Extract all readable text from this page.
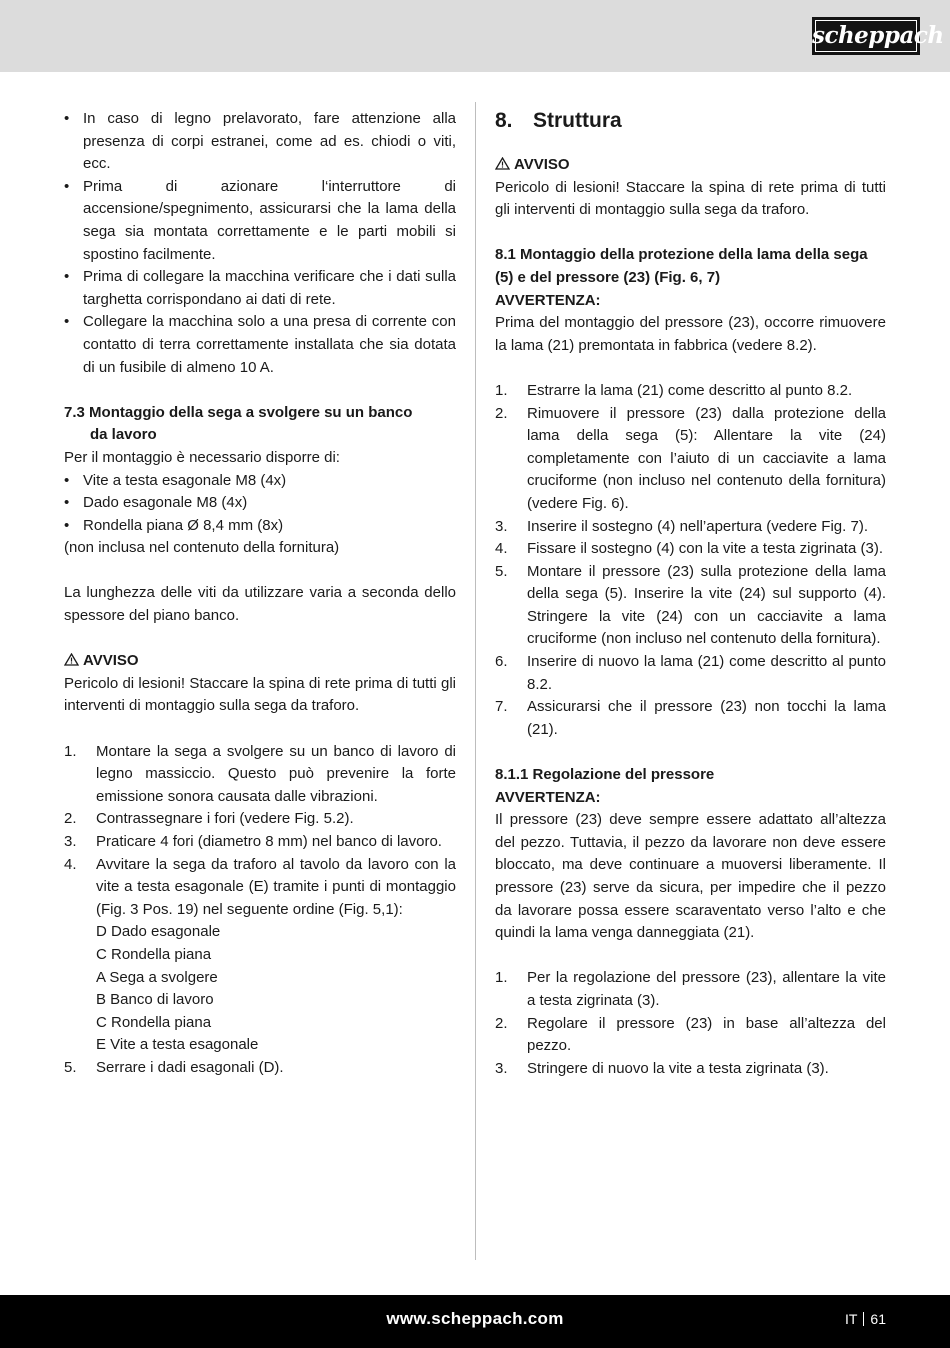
scheppach
• In caso di legno prelavorato, fare attenzione alla presenza di corpi estranei, come ad es. chiodi o viti, ecc.
• Prima di azionare l‘interruttore di accensione/spegnimento, assicurarsi che la lama della sega sia montata correttamente e le parti mobili si spostino facilmente.
• Prima di collegare la macchina verificare che i dati sulla targhetta corrispondano ai dati di rete.
• Collegare la macchina solo a una presa di corrente con contatto di terra correttamente installata che sia dotata di un fusibile di almeno 10 A.
7.3 Montaggio della sega a svolgere su un banco
da lavoro
Per il montaggio è necessario disporre di:
• Vite a testa esagonale M8 (4x)
• Dado esagonale M8 (4x)
• Rondella piana Ø 8,4 mm (8x)
(non inclusa nel contenuto della fornitura)
La lunghezza delle viti da utilizzare varia a seconda dello spessore del piano banco.
AVVISO
Pericolo di lesioni! Staccare la spina di rete prima di tutti gli interventi di montaggio sulla sega da traforo.
1. Montare la sega a svolgere su un banco di lavoro di legno massiccio. Questo può prevenire la forte emissione sonora causata dalle vibrazioni.
2. Contrassegnare i fori (vedere Fig. 5.2).
3. Praticare 4 fori (diametro 8 mm) nel banco di lavoro.
4. Avvitare la sega da traforo al tavolo da lavoro con la vite a testa esagonale (E) tramite i punti di montaggio (Fig. 3 Pos. 19) nel seguente ordine (Fig. 5,1):
D Dado esagonale
C Rondella piana
A Sega a svolgere
B Banco di lavoro
C Rondella piana
E Vite a testa esagonale
5. Serrare i dadi esagonali (D).
8. Struttura
AVVISO
Pericolo di lesioni! Staccare la spina di rete prima di tutti gli interventi di montaggio sulla sega da traforo.
8.1 Montaggio della protezione della lama della sega (5) e del pressore (23) (Fig. 6, 7)
AVVERTENZA:
Prima del montaggio del pressore (23), occorre rimuovere la lama (21) premontata in fabbrica (vedere 8.2).
1. Estrarre la lama (21) come descritto al punto 8.2.
2. Rimuovere il pressore (23) dalla protezione della lama della sega (5): Allentare la vite (24) completamente con l’aiuto di un cacciavite a lama cruciforme (non incluso nel contenuto della fornitura) (vedere Fig. 6).
3. Inserire il sostegno (4) nell’apertura (vedere Fig. 7).
4. Fissare il sostegno (4) con la vite a testa zigrinata (3).
5. Montare il pressore (23) sulla protezione della lama della sega (5). Inserire la vite (24) sul supporto (4). Stringere la vite (24) con un cacciavite a lama cruciforme (non incluso nel contenuto della fornitura).
6. Inserire di nuovo la lama (21) come descritto al punto 8.2.
7. Assicurarsi che il pressore (23) non tocchi la lama (21).
8.1.1 Regolazione del pressore
AVVERTENZA:
Il pressore (23) deve sempre essere adattato all’altezza del pezzo. Tuttavia, il pezzo da lavorare non deve essere bloccato, ma deve continuare a muoversi liberamente. Il pressore (23) serve da sicura, per impedire che il pezzo da lavorare possa essere scaraventato verso l’alto e che quindi la lama venga danneggiata (21).
1. Per la regolazione del pressore (23), allentare la vite a testa zigrinata (3).
2. Regolare il pressore (23) in base all’altezza del pezzo.
3. Stringere di nuovo la vite a testa zigrinata (3).
www.scheppach.com	IT 61
